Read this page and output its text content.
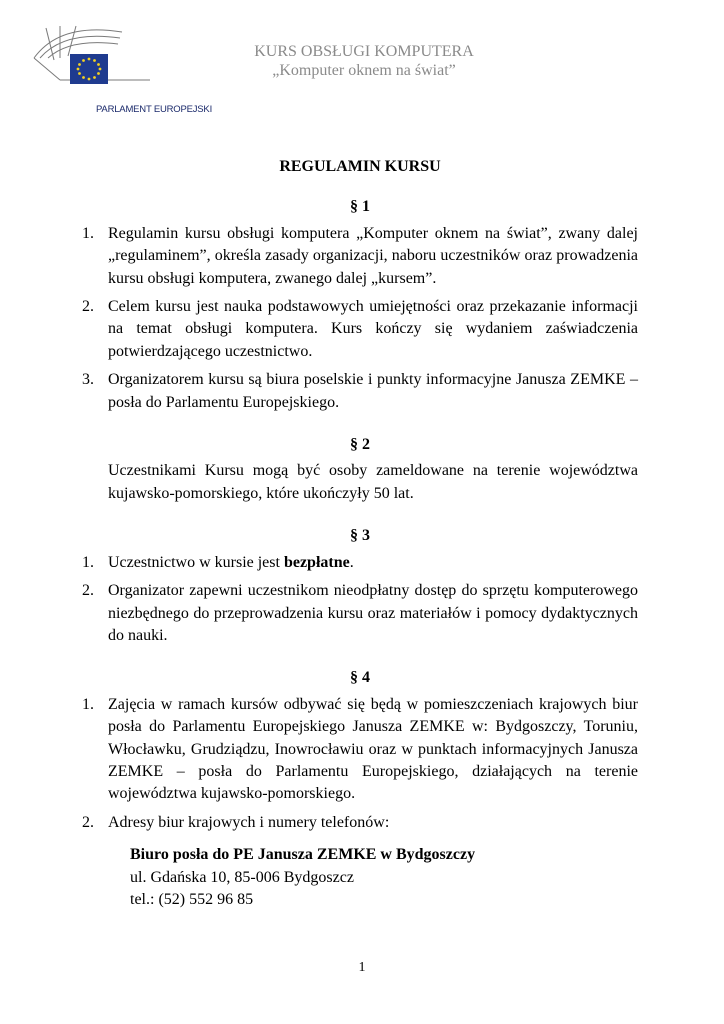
PARLAMENT EUROPEJSKI
KURS OBSŁUGI KOMPUTERA
„Komputer oknem na świat”
REGULAMIN KURSU
§ 1
1. Regulamin kursu obsługi komputera „Komputer oknem na świat”, zwany dalej „regulaminem”, określa zasady organizacji, naboru uczestników oraz prowadzenia kursu obsługi komputera, zwanego dalej „kursem”.
2. Celem kursu jest nauka podstawowych umiejętności oraz przekazanie informacji na temat obsługi komputera. Kurs kończy się wydaniem zaświadczenia potwierdzającego uczestnictwo.
3. Organizatorem kursu są biura poselskie i punkty informacyjne Janusza ZEMKE – posła do Parlamentu Europejskiego.
§ 2

Uczestnikami Kursu mogą być osoby zameldowane na terenie województwa kujawsko-pomorskiego, które ukończyły 50 lat.

§ 3
1. Uczestnictwo w kursie jest bezpłatne.
2. Organizator zapewni uczestnikom nieodpłatny dostęp do sprzętu komputerowego niezbędnego do przeprowadzenia kursu oraz materiałów i pomocy dydaktycznych do nauki.
§ 4
1. Zajęcia w ramach kursów odbywać się będą w pomieszczeniach krajowych biur posła do Parlamentu Europejskiego Janusza ZEMKE w: Bydgoszczy, Toruniu, Włocławku, Grudziądzu, Inowrocławiu oraz w punktach informacyjnych Janusza ZEMKE – posła do Parlamentu Europejskiego, działających na terenie województwa kujawsko-pomorskiego.
2. Adresy biur krajowych i numery telefonów:
Biuro posła do PE Janusza ZEMKE w Bydgoszczy
ul. Gdańska 10, 85-006 Bydgoszcz
tel.: (52) 552 96 85
1
